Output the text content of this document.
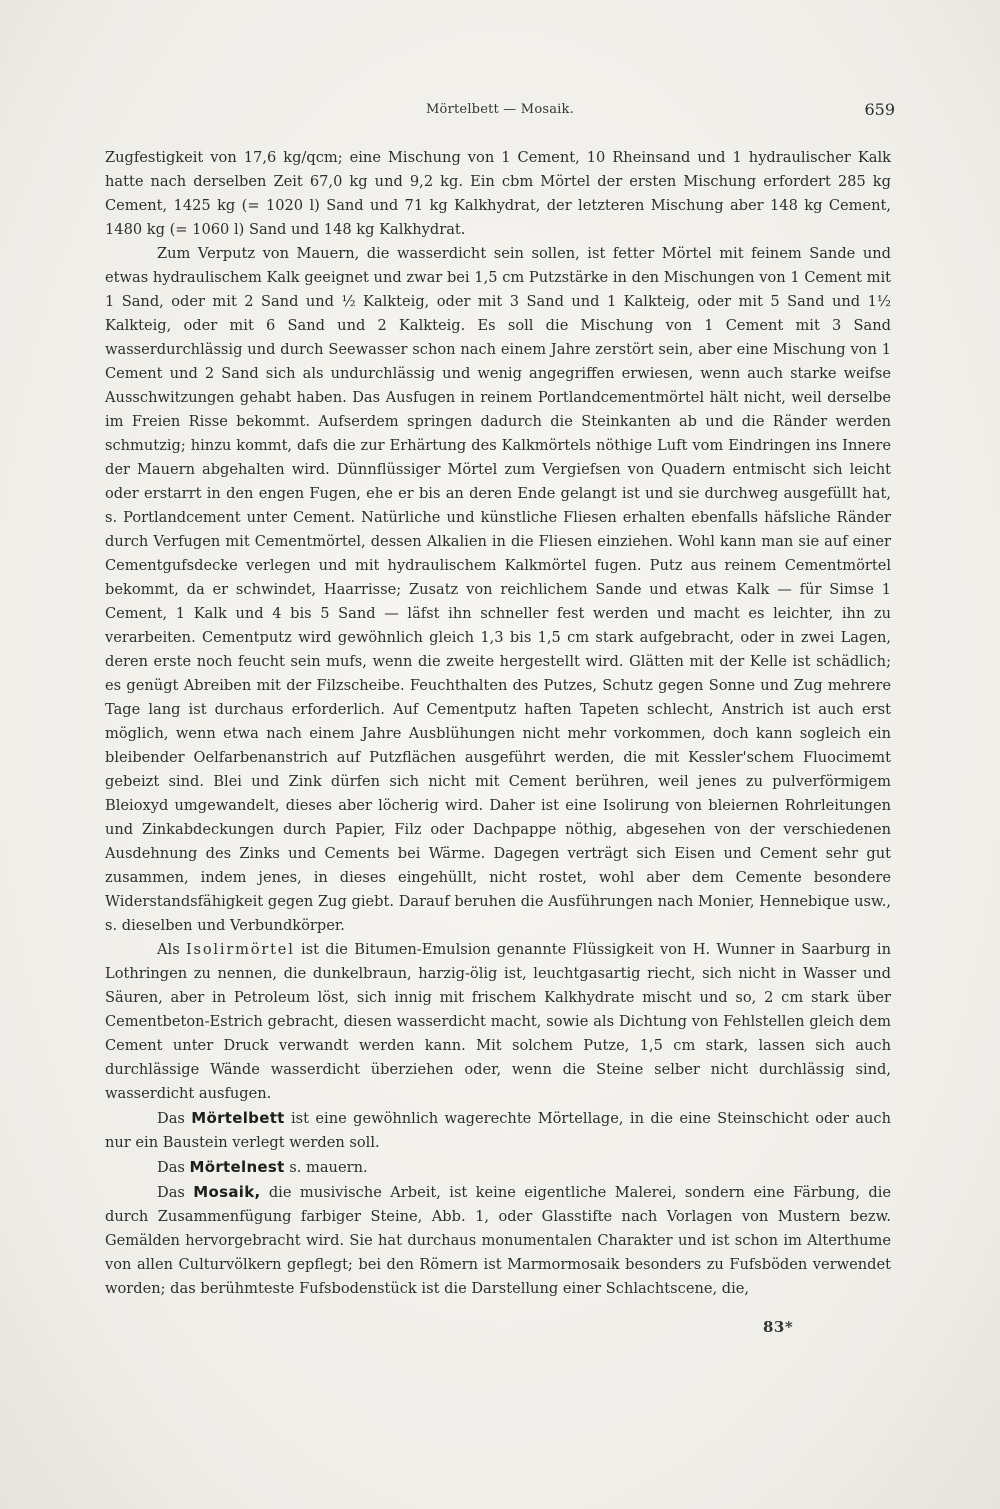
Mörtelbett — Mosaik.	659

Zugfestigkeit von 17,6 kg/qcm; eine Mischung von 1 Cement, 10 Rheinsand und 1 hydraulischer Kalk hatte nach derselben Zeit 67,0 kg und 9,2 kg. Ein cbm Mörtel der ersten Mischung erfordert 285 kg Cement, 1425 kg (= 1020 l) Sand und 71 kg Kalkhydrat, der letzteren Mischung aber 148 kg Cement, 1480 kg (= 1060 l) Sand und 148 kg Kalkhydrat.

Zum Verputz von Mauern, die wasserdicht sein sollen, ist fetter Mörtel mit feinem Sande und etwas hydraulischem Kalk geeignet und zwar bei 1,5 cm Putzstärke in den Mischungen von 1 Cement mit 1 Sand, oder mit 2 Sand und ½ Kalkteig, oder mit 3 Sand und 1 Kalkteig, oder mit 5 Sand und 1½ Kalkteig, oder mit 6 Sand und 2 Kalkteig. Es soll die Mischung von 1 Cement mit 3 Sand wasserdurchlässig und durch Seewasser schon nach einem Jahre zerstört sein, aber eine Mischung von 1 Cement und 2 Sand sich als undurchlässig und wenig angegriffen erwiesen, wenn auch starke weifse Ausschwitzungen gehabt haben. Das Ausfugen in reinem Portlandcementmörtel hält nicht, weil derselbe im Freien Risse bekommt. Aufserdem springen dadurch die Steinkanten ab und die Ränder werden schmutzig; hinzu kommt, dafs die zur Erhärtung des Kalkmörtels nöthige Luft vom Eindringen ins Innere der Mauern abgehalten wird. Dünnflüssiger Mörtel zum Vergiefsen von Quadern entmischt sich leicht oder erstarrt in den engen Fugen, ehe er bis an deren Ende gelangt ist und sie durchweg ausgefüllt hat, s. Portlandcement unter Cement. Natürliche und künstliche Fliesen erhalten ebenfalls häfsliche Ränder durch Verfugen mit Cementmörtel, dessen Alkalien in die Fliesen einziehen. Wohl kann man sie auf einer Cementgufsdecke verlegen und mit hydraulischem Kalkmörtel fugen. Putz aus reinem Cementmörtel bekommt, da er schwindet, Haarrisse; Zusatz von reichlichem Sande und etwas Kalk — für Simse 1 Cement, 1 Kalk und 4 bis 5 Sand — läfst ihn schneller fest werden und macht es leichter, ihn zu verarbeiten. Cementputz wird gewöhnlich gleich 1,3 bis 1,5 cm stark aufgebracht, oder in zwei Lagen, deren erste noch feucht sein mufs, wenn die zweite hergestellt wird. Glätten mit der Kelle ist schädlich; es genügt Abreiben mit der Filzscheibe. Feuchthalten des Putzes, Schutz gegen Sonne und Zug mehrere Tage lang ist durchaus erforderlich. Auf Cementputz haften Tapeten schlecht, Anstrich ist auch erst möglich, wenn etwa nach einem Jahre Ausblühungen nicht mehr vorkommen, doch kann sogleich ein bleibender Oelfarbenanstrich auf Putzflächen ausgeführt werden, die mit Kessler'schem Fluocimemt gebeizt sind. Blei und Zink dürfen sich nicht mit Cement berühren, weil jenes zu pulverförmigem Bleioxyd umgewandelt, dieses aber löcherig wird. Daher ist eine Isolirung von bleiernen Rohrleitungen und Zinkabdeckungen durch Papier, Filz oder Dachpappe nöthig, abgesehen von der verschiedenen Ausdehnung des Zinks und Cements bei Wärme. Dagegen verträgt sich Eisen und Cement sehr gut zusammen, indem jenes, in dieses eingehüllt, nicht rostet, wohl aber dem Cemente besondere Widerstandsfähigkeit gegen Zug giebt. Darauf beruhen die Ausführungen nach Monier, Hennebique usw., s. dieselben und Verbundkörper.

Als Isolirmörtel ist die Bitumen-Emulsion genannte Flüssigkeit von H. Wunner in Saarburg in Lothringen zu nennen, die dunkelbraun, harzig-ölig ist, leuchtgasartig riecht, sich nicht in Wasser und Säuren, aber in Petroleum löst, sich innig mit frischem Kalkhydrate mischt und so, 2 cm stark über Cementbeton-Estrich gebracht, diesen wasserdicht macht, sowie als Dichtung von Fehlstellen gleich dem Cement unter Druck verwandt werden kann. Mit solchem Putze, 1,5 cm stark, lassen sich auch durchlässige Wände wasserdicht überziehen oder, wenn die Steine selber nicht durchlässig sind, wasserdicht ausfugen.

Das Mörtelbett ist eine gewöhnlich wagerechte Mörtellage, in die eine Steinschicht oder auch nur ein Baustein verlegt werden soll.

Das Mörtelnest s. mauern.

Das Mosaik, die musivische Arbeit, ist keine eigentliche Malerei, sondern eine Färbung, die durch Zusammenfügung farbiger Steine, Abb. 1, oder Glasstifte nach Vorlagen von Mustern bezw. Gemälden hervorgebracht wird. Sie hat durchaus monumentalen Charakter und ist schon im Alterthume von allen Culturvölkern gepflegt; bei den Römern ist Marmormosaik besonders zu Fufsböden verwendet worden; das berühmteste Fufsbodenstück ist die Darstellung einer Schlachtscene, die,

83*
